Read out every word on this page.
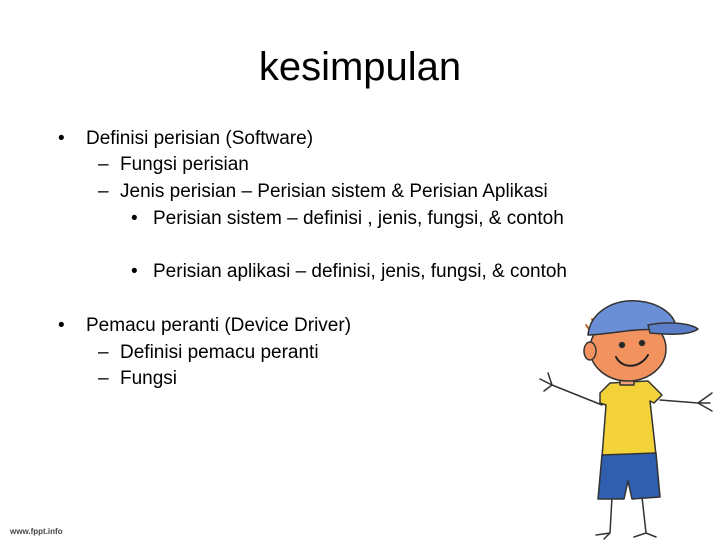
kesimpulan
• Definisi perisian (Software)
– Fungsi perisian
– Jenis perisian – Perisian sistem & Perisian Aplikasi
• Perisian sistem – definisi , jenis, fungsi, & contoh
• Perisian aplikasi – definisi, jenis, fungsi, & contoh
• Pemacu peranti (Device Driver)
– Definisi pemacu peranti
– Fungsi
www.fppt.info
